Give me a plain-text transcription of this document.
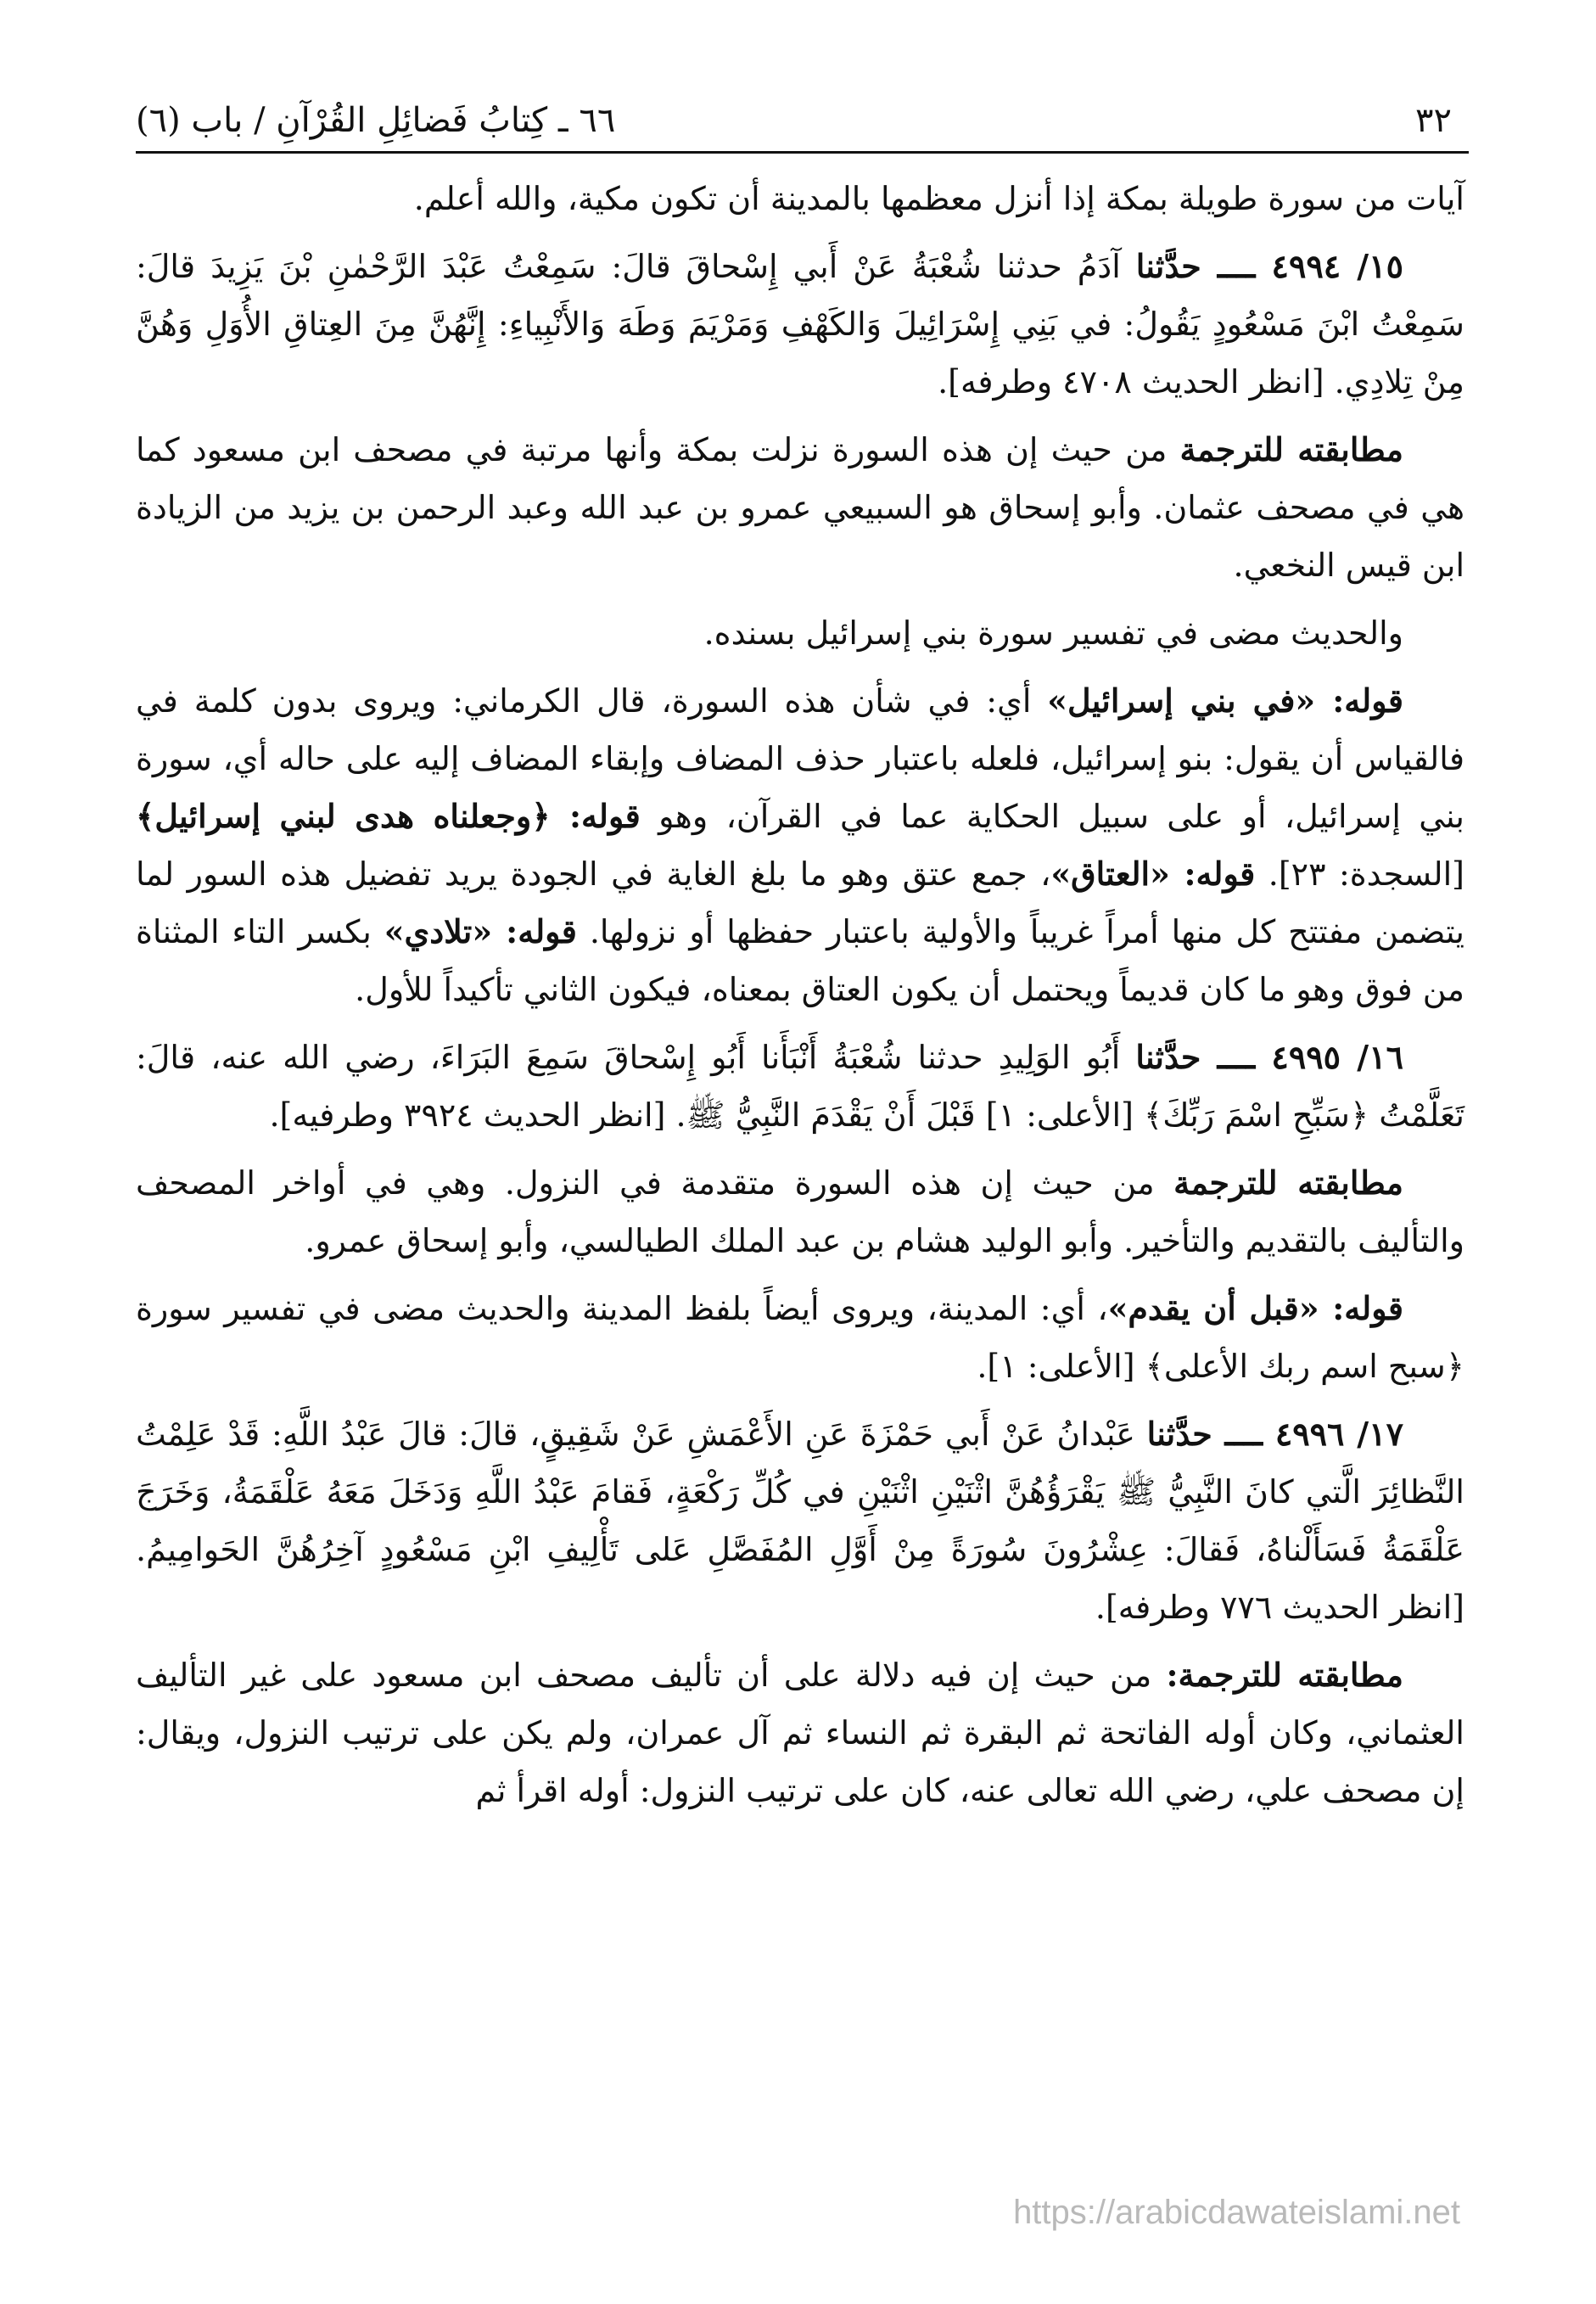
٣٢
٦٦ ـ كِتابُ فَضائِلِ القُرْآنِ / باب (٦)

آيات من سورة طويلة بمكة إذا أنزل معظمها بالمدينة أن تكون مكية، والله أعلم.

١٥/ ٤٩٩٤ ــــ حدَّثنا آدَمُ حدثنا شُعْبَةُ عَنْ أَبي إِسْحاقَ قالَ: سَمِعْتُ عَبْدَ الرَّحْمٰنِ بْنَ يَزِيدَ قالَ: سَمِعْتُ ابْنَ مَسْعُودٍ يَقُولُ: في بَنِي إِسْرَائِيلَ وَالكَهْفِ وَمَرْيَمَ وَطَهَ وَالأَنْبِياءِ: إِنَّهُنَّ مِنَ العِتاقِ الأُوَلِ وَهُنَّ مِنْ تِلادِي. [انظر الحديث ٤٧٠٨ وطرفه].

مطابقته للترجمة من حيث إن هذه السورة نزلت بمكة وأنها مرتبة في مصحف ابن مسعود كما هي في مصحف عثمان. وأبو إسحاق هو السبيعي عمرو بن عبد الله وعبد الرحمن بن يزيد من الزيادة ابن قيس النخعي.

والحديث مضى في تفسير سورة بني إسرائيل بسنده.

قوله: «في بني إسرائيل» أي: في شأن هذه السورة، قال الكرماني: ويروى بدون كلمة في فالقياس أن يقول: بنو إسرائيل، فلعله باعتبار حذف المضاف وإبقاء المضاف إليه على حاله أي، سورة بني إسرائيل، أو على سبيل الحكاية عما في القرآن، وهو قوله: ﴿وجعلناه هدى لبني إسرائيل﴾ [السجدة: ٢٣]. قوله: «العتاق»، جمع عتق وهو ما بلغ الغاية في الجودة يريد تفضيل هذه السور لما يتضمن مفتتح كل منها أمراً غريباً والأولية باعتبار حفظها أو نزولها. قوله: «تلادي» بكسر التاء المثناة من فوق وهو ما كان قديماً ويحتمل أن يكون العتاق بمعناه، فيكون الثاني تأكيداً للأول.

١٦/ ٤٩٩٥ ــــ حدَّثنا أَبُو الوَلِيدِ حدثنا شُعْبَةُ أَنْبَأَنا أَبُو إِسْحاقَ سَمِعَ البَرَاءَ، رضي الله عنه، قالَ: تَعَلَّمْتُ ﴿سَبِّحِ اسْمَ رَبِّكَ﴾ [الأعلى: ١] قَبْلَ أَنْ يَقْدَمَ النَّبِيُّ ﷺ. [انظر الحديث ٣٩٢٤ وطرفيه].

مطابقته للترجمة من حيث إن هذه السورة متقدمة في النزول. وهي في أواخر المصحف والتأليف بالتقديم والتأخير. وأبو الوليد هشام بن عبد الملك الطيالسي، وأبو إسحاق عمرو.

قوله: «قبل أن يقدم»، أي: المدينة، ويروى أيضاً بلفظ المدينة والحديث مضى في تفسير سورة ﴿سبح اسم ربك الأعلى﴾ [الأعلى: ١].

١٧/ ٤٩٩٦ ــــ حدَّثنا عَبْدانُ عَنْ أَبي حَمْزَةَ عَنِ الأَعْمَشِ عَنْ شَقِيقٍ، قالَ: قالَ عَبْدُ اللَّهِ: قَدْ عَلِمْتُ النَّظائِرَ الَّتي كانَ النَّبِيُّ ﷺ يَقْرَؤُهُنَّ اثْنَيْنِ اثْنَيْنِ في كُلِّ رَكْعَةٍ، فَقامَ عَبْدُ اللَّهِ وَدَخَلَ مَعَهُ عَلْقَمَةُ، وَخَرَجَ عَلْقَمَةُ فَسَأَلْناهُ، فَقالَ: عِشْرُونَ سُورَةً مِنْ أَوَّلِ المُفَصَّلِ عَلى تَأْلِيفِ ابْنِ مَسْعُودٍ آخِرُهُنَّ الحَوامِيمُ. [انظر الحديث ٧٧٦ وطرفه].

مطابقته للترجمة: من حيث إن فيه دلالة على أن تأليف مصحف ابن مسعود على غير التأليف العثماني، وكان أوله الفاتحة ثم البقرة ثم النساء ثم آل عمران، ولم يكن على ترتيب النزول، ويقال: إن مصحف علي، رضي الله تعالى عنه، كان على ترتيب النزول: أوله اقرأ ثم

https://arabicdawateislami.net
